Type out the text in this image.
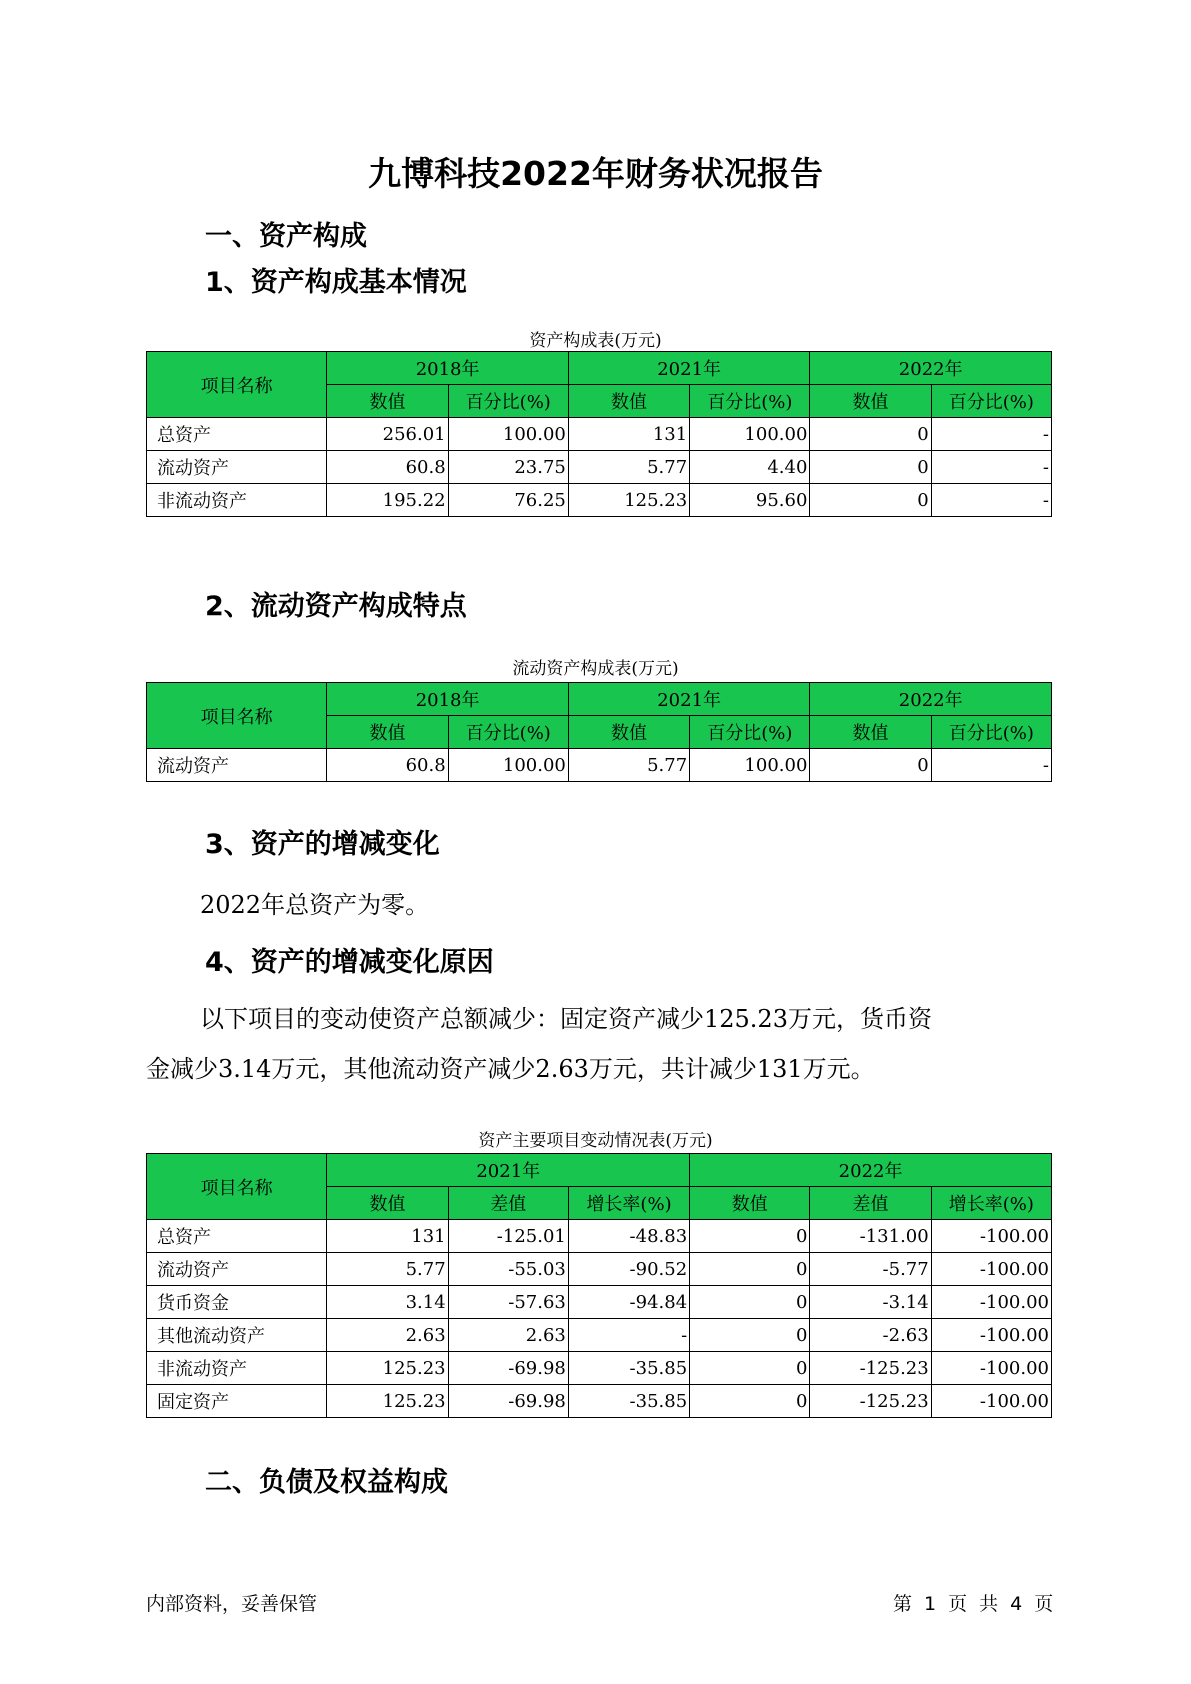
九博科技2022年财务状况报告
一、资产构成
1、资产构成基本情况
资产构成表(万元)
项目名称	2018年		2021年		2022年	
	数值	百分比(%)	数值	百分比(%)	数值	百分比(%)
总资产	256.01	100.00	131	100.00	0	-
流动资产	60.8	23.75	5.77	4.40	0	-
非流动资产	195.22	76.25	125.23	95.60	0	-
2、流动资产构成特点
流动资产构成表(万元)
项目名称	2018年		2021年		2022年	
	数值	百分比(%)	数值	百分比(%)	数值	百分比(%)
流动资产	60.8	100.00	5.77	100.00	0	-
3、资产的增减变化
2022年总资产为零。
4、资产的增减变化原因
以下项目的变动使资产总额减少：固定资产减少125.23万元，货币资
金减少3.14万元，其他流动资产减少2.63万元，共计减少131万元。
资产主要项目变动情况表(万元)
项目名称	2021年			2022年		
	数值	差值	增长率(%)	数值	差值	增长率(%)
总资产	131	-125.01	-48.83	0	-131.00	-100.00
流动资产	5.77	-55.03	-90.52	0	-5.77	-100.00
货币资金	3.14	-57.63	-94.84	0	-3.14	-100.00
其他流动资产	2.63	2.63	-	0	-2.63	-100.00
非流动资产	125.23	-69.98	-35.85	0	-125.23	-100.00
固定资产	125.23	-69.98	-35.85	0	-125.23	-100.00
二、负债及权益构成
内部资料，妥善保管	第 1 页 共 4 页
